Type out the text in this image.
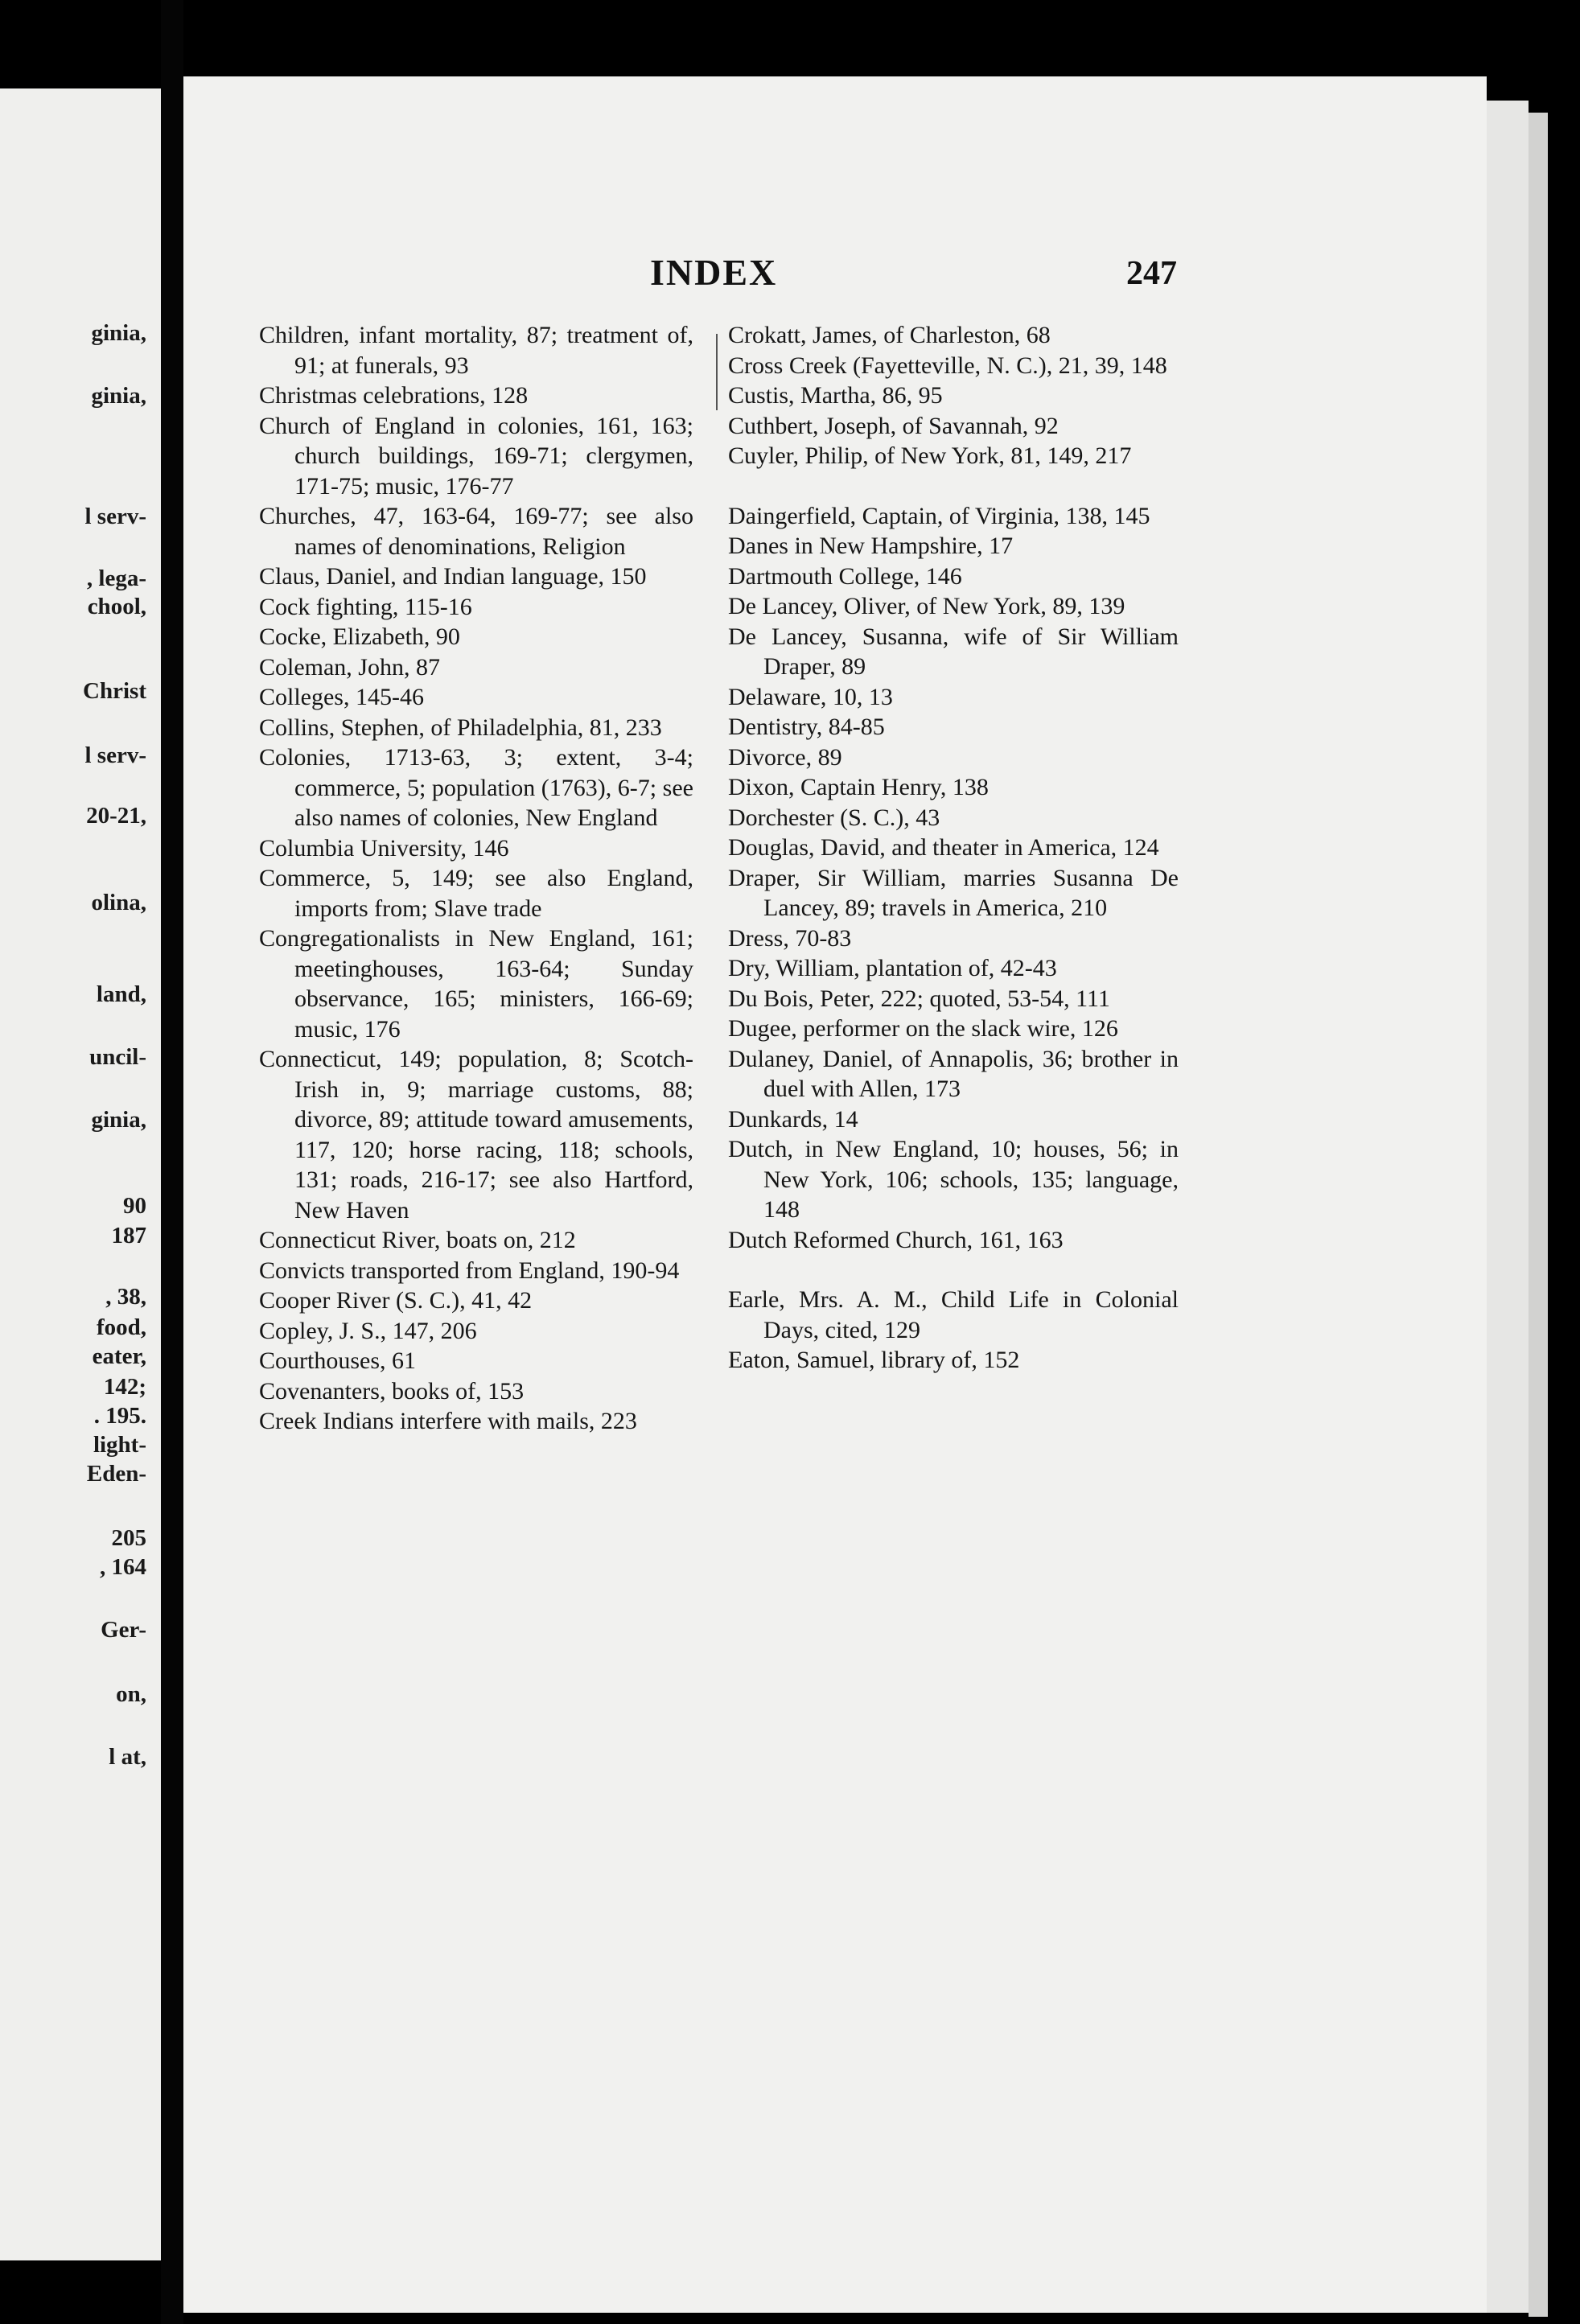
ginia,
ginia,
l serv-
, lega-
chool,
Christ
l serv-
20-21,
olina,
land,
uncil-
ginia,
90
187
, 38,
food,
eater,
142;
. 195.
light-
Eden-
205
, 164
Ger-
on,
l at,
INDEX	247

Children, infant mortality, 87; treatment of, 91; at funerals, 93

Christmas celebrations, 128

Church of England in colonies, 161, 163; church buildings, 169-71; clergymen, 171-75; music, 176-77

Churches, 47, 163-64, 169-77; see also names of denominations, Religion

Claus, Daniel, and Indian language, 150

Cock fighting, 115-16

Cocke, Elizabeth, 90

Coleman, John, 87

Colleges, 145-46

Collins, Stephen, of Philadelphia, 81, 233

Colonies, 1713-63, 3; extent, 3-4; commerce, 5; population (1763), 6-7; see also names of colonies, New England

Columbia University, 146

Commerce, 5, 149; see also England, imports from; Slave trade

Congregationalists in New England, 161; meetinghouses, 163-64; Sunday observance, 165; ministers, 166-69; music, 176

Connecticut, 149; population, 8; Scotch-Irish in, 9; marriage customs, 88; divorce, 89; attitude toward amusements, 117, 120; horse racing, 118; schools, 131; roads, 216-17; see also Hartford, New Haven

Connecticut River, boats on, 212

Convicts transported from England, 190-94

Cooper River (S. C.), 41, 42

Copley, J. S., 147, 206

Courthouses, 61

Covenanters, books of, 153

Creek Indians interfere with mails, 223

Crokatt, James, of Charleston, 68

Cross Creek (Fayetteville, N. C.), 21, 39, 148

Custis, Martha, 86, 95

Cuthbert, Joseph, of Savannah, 92

Cuyler, Philip, of New York, 81, 149, 217

Daingerfield, Captain, of Virginia, 138, 145

Danes in New Hampshire, 17

Dartmouth College, 146

De Lancey, Oliver, of New York, 89, 139

De Lancey, Susanna, wife of Sir William Draper, 89

Delaware, 10, 13

Dentistry, 84-85

Divorce, 89

Dixon, Captain Henry, 138

Dorchester (S. C.), 43

Douglas, David, and theater in America, 124

Draper, Sir William, marries Susanna De Lancey, 89; travels in America, 210

Dress, 70-83

Dry, William, plantation of, 42-43

Du Bois, Peter, 222; quoted, 53-54, 111

Dugee, performer on the slack wire, 126

Dulaney, Daniel, of Annapolis, 36; brother in duel with Allen, 173

Dunkards, 14

Dutch, in New England, 10; houses, 56; in New York, 106; schools, 135; language, 148

Dutch Reformed Church, 161, 163

Earle, Mrs. A. M., Child Life in Colonial Days, cited, 129

Eaton, Samuel, library of, 152
